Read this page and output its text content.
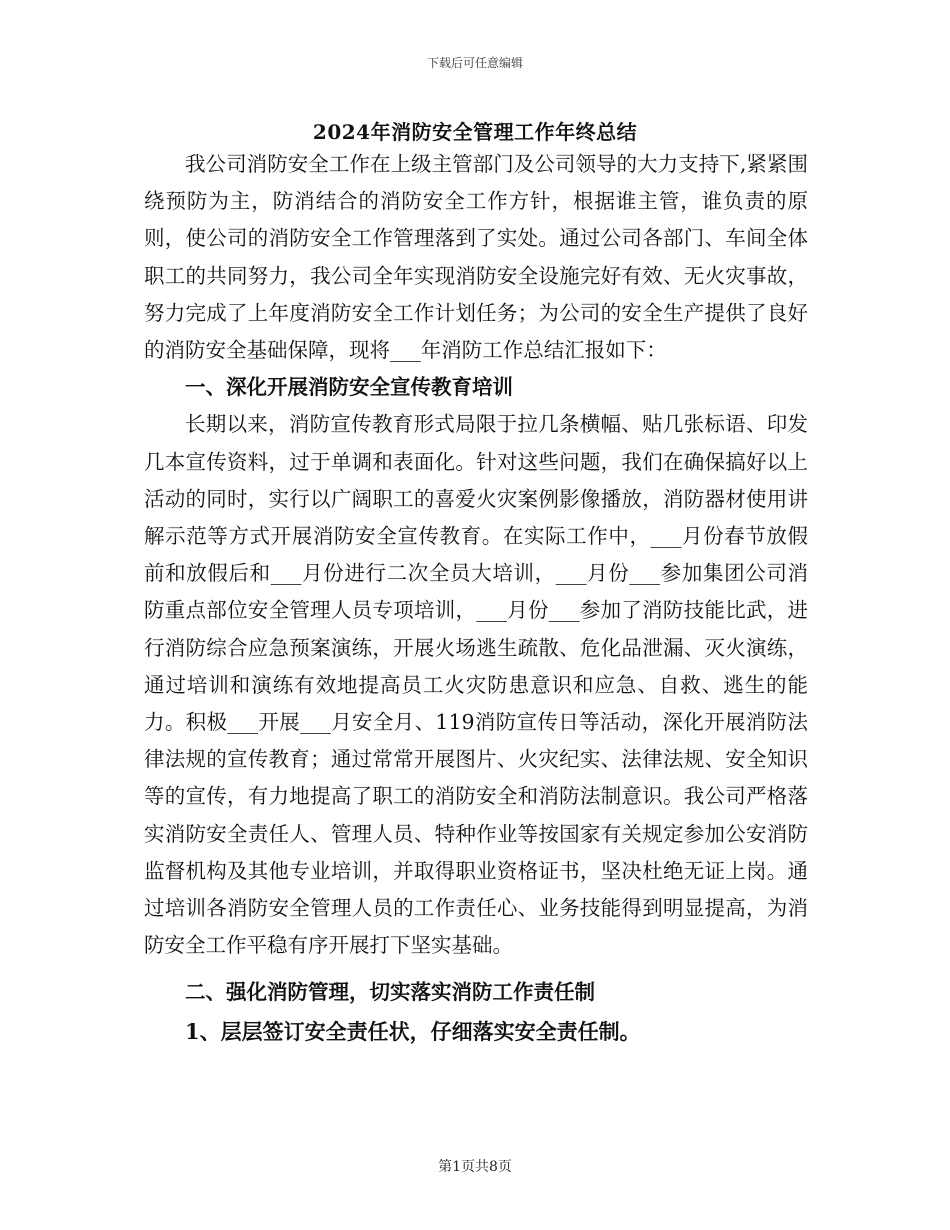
下载后可任意编辑
2024年消防安全管理工作年终总结

我公司消防安全工作在上级主管部门及公司领导的大力支持下,紧紧围绕预防为主，防消结合的消防安全工作方针，根据谁主管，谁负责的原则，使公司的消防安全工作管理落到了实处。通过公司各部门、车间全体职工的共同努力，我公司全年实现消防安全设施完好有效、无火灾事故，努力完成了上年度消防安全工作计划任务；为公司的安全生产提供了良好的消防安全基础保障，现将___年消防工作总结汇报如下：

一、深化开展消防安全宣传教育培训

长期以来，消防宣传教育形式局限于拉几条横幅、贴几张标语、印发几本宣传资料，过于单调和表面化。针对这些问题，我们在确保搞好以上活动的同时，实行以广阔职工的喜爱火灾案例影像播放，消防器材使用讲解示范等方式开展消防安全宣传教育。在实际工作中，___月份春节放假前和放假后和___月份进行二次全员大培训，___月份___参加集团公司消防重点部位安全管理人员专项培训，___月份___参加了消防技能比武，进行消防综合应急预案演练，开展火场逃生疏散、危化品泄漏、灭火演练，通过培训和演练有效地提高员工火灾防患意识和应急、自救、逃生的能力。积极___开展___月安全月、119消防宣传日等活动，深化开展消防法律法规的宣传教育；通过常常开展图片、火灾纪实、法律法规、安全知识等的宣传，有力地提高了职工的消防安全和消防法制意识。我公司严格落实消防安全责任人、管理人员、特种作业等按国家有关规定参加公安消防监督机构及其他专业培训，并取得职业资格证书，坚决杜绝无证上岗。通过培训各消防安全管理人员的工作责任心、业务技能得到明显提高，为消防安全工作平稳有序开展打下坚实基础。

二、强化消防管理，切实落实消防工作责任制

1、层层签订安全责任状，仔细落实安全责任制。

第1页共8页
